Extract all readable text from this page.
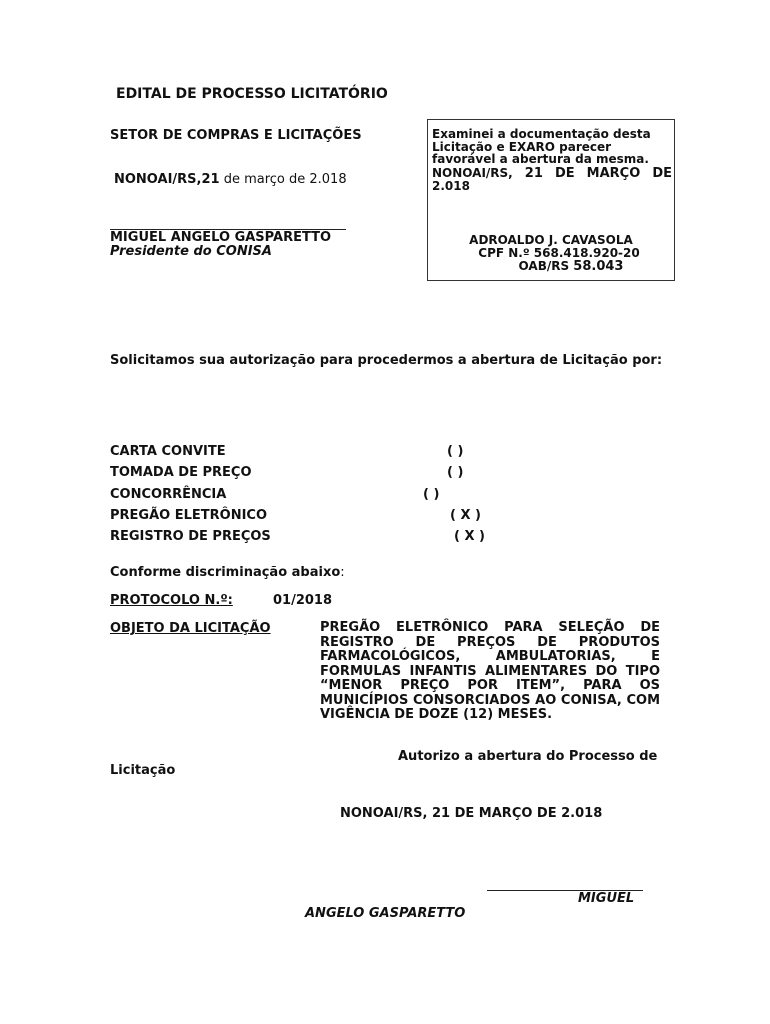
EDITAL DE PROCESSO LICITATÓRIO
SETOR DE COMPRAS E LICITAÇÕES
NONOAI/RS,21 de março de 2.018
MIGUEL ANGELO GASPARETTO
Presidente do CONISA
Examinei a documentação desta Licitação e EXARO parecer favorável a abertura da mesma.
NONOAI/RS, 21 DE MARÇO DE
2.018
ADROALDO J. CAVASOLA
CPF N.º 568.418.920-20
OAB/RS 58.043
Solicitamos sua autorização para procedermos a abertura de Licitação por:
CARTA CONVITE	( )
TOMADA DE PREÇO	( )
CONCORRÊNCIA	( )
PREGÃO ELETRÔNICO	( X )
REGISTRO DE PREÇOS	( X )
Conforme discriminação abaixo:
PROTOCOLO N.º:	01/2018
OBJETO DA LICITAÇÃO	PREGÃO ELETRÔNICO PARA SELEÇÃO DE REGISTRO DE PREÇOS DE PRODUTOS FARMACOLÓGICOS, AMBULATORIAS, E FORMULAS INFANTIS ALIMENTARES DO TIPO “MENOR PREÇO POR ITEM”, PARA OS MUNICÍPIOS CONSORCIADOS AO CONISA, COM VIGÊNCIA DE DOZE (12) MESES.
Autorizo a abertura do Processo de
Licitação
NONOAI/RS, 21 DE MARÇO DE 2.018
MIGUEL
ANGELO GASPARETTO
